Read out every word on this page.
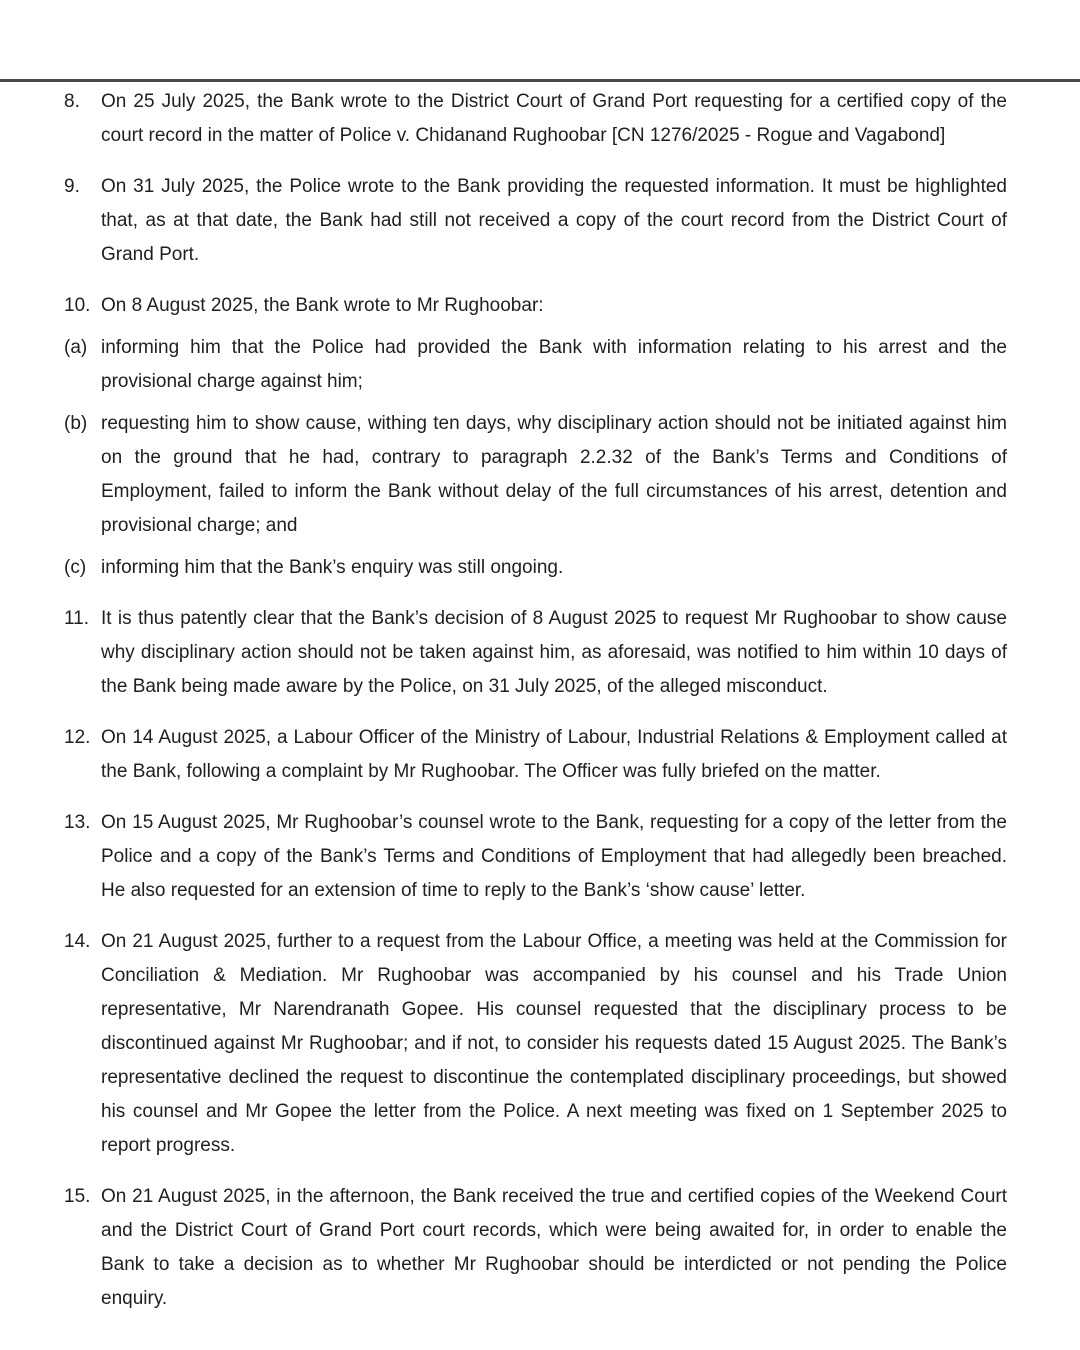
8. On 25 July 2025, the Bank wrote to the District Court of Grand Port requesting for a certified copy of the court record in the matter of Police v. Chidanand Rughoobar [CN 1276/2025 - Rogue and Vagabond]
9. On 31 July 2025, the Police wrote to the Bank providing the requested information. It must be highlighted that, as at that date, the Bank had still not received a copy of the court record from the District Court of Grand Port.
10. On 8 August 2025, the Bank wrote to Mr Rughoobar:
(a) informing him that the Police had provided the Bank with information relating to his arrest and the provisional charge against him;
(b) requesting him to show cause, withing ten days, why disciplinary action should not be initiated against him on the ground that he had, contrary to paragraph 2.2.32 of the Bank’s Terms and Conditions of Employment, failed to inform the Bank without delay of the full circumstances of his arrest, detention and provisional charge; and
(c) informing him that the Bank’s enquiry was still ongoing.
11. It is thus patently clear that the Bank’s decision of 8 August 2025 to request Mr Rughoobar to show cause why disciplinary action should not be taken against him, as aforesaid, was notified to him within 10 days of the Bank being made aware by the Police, on 31 July 2025, of the alleged misconduct.
12. On 14 August 2025, a Labour Officer of the Ministry of Labour, Industrial Relations & Employment called at the Bank, following a complaint by Mr Rughoobar. The Officer was fully briefed on the matter.
13. On 15 August 2025, Mr Rughoobar’s counsel wrote to the Bank, requesting for a copy of the letter from the Police and a copy of the Bank’s Terms and Conditions of Employment that had allegedly been breached. He also requested for an extension of time to reply to the Bank’s ‘show cause’ letter.
14. On 21 August 2025, further to a request from the Labour Office, a meeting was held at the Commission for Conciliation & Mediation. Mr Rughoobar was accompanied by his counsel and his Trade Union representative, Mr Narendranath Gopee. His counsel requested that the disciplinary process to be discontinued against Mr Rughoobar; and if not, to consider his requests dated 15 August 2025. The Bank’s representative declined the request to discontinue the contemplated disciplinary proceedings, but showed his counsel and Mr Gopee the letter from the Police. A next meeting was fixed on 1 September 2025 to report progress.
15. On 21 August 2025, in the afternoon, the Bank received the true and certified copies of the Weekend Court and the District Court of Grand Port court records, which were being awaited for, in order to enable the Bank to take a decision as to whether Mr Rughoobar should be interdicted or not pending the Police enquiry.
